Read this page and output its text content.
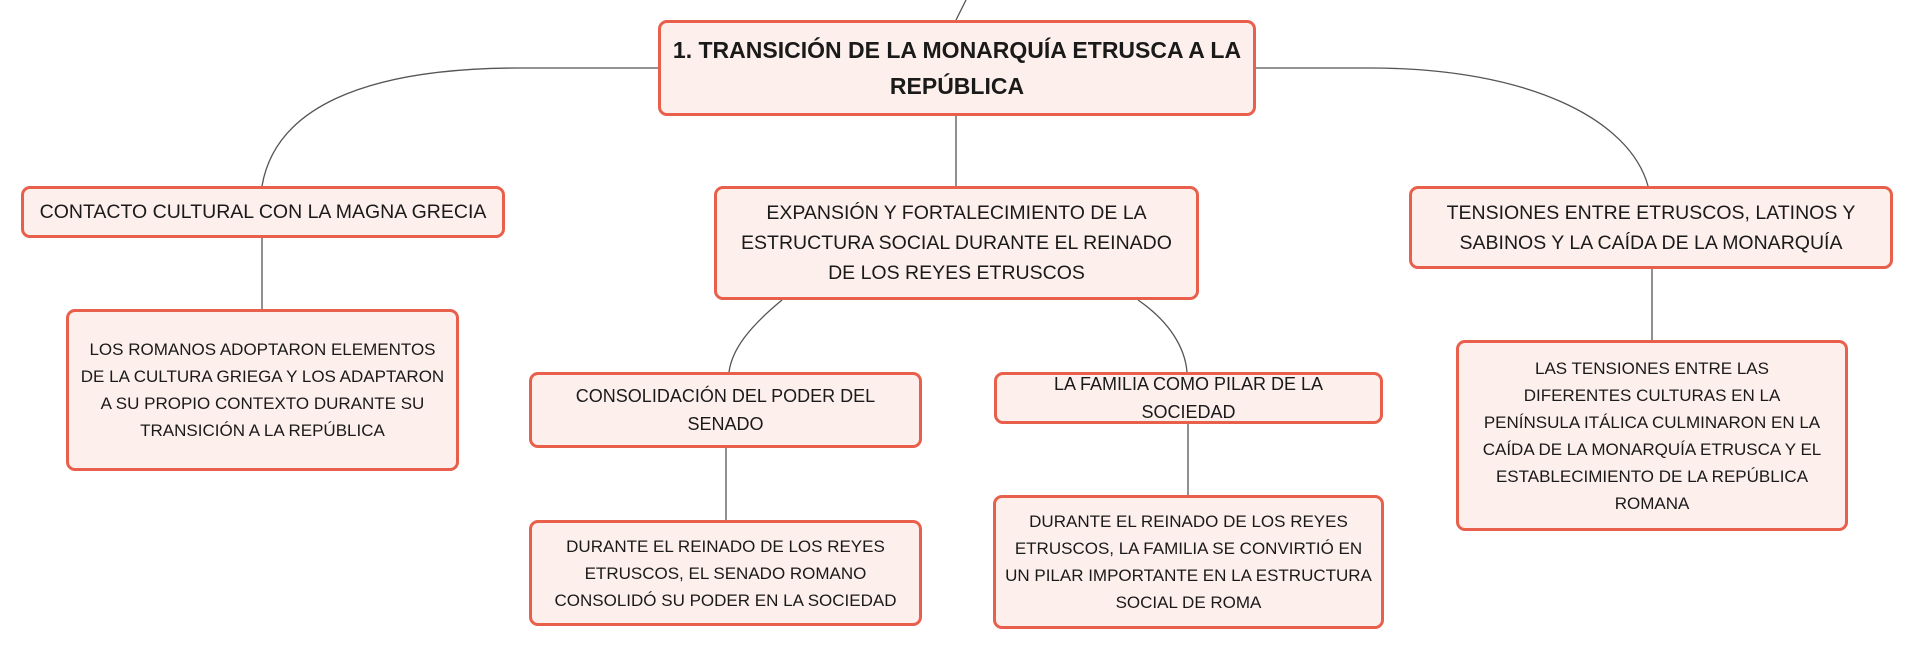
1. TRANSICIÓN DE LA MONARQUÍA ETRUSCA A LA REPÚBLICA
CONTACTO CULTURAL CON LA MAGNA GRECIA	EXPANSIÓN Y FORTALECIMIENTO DE LA ESTRUCTURA SOCIAL DURANTE EL REINADO DE LOS REYES ETRUSCOS
TENSIONES ENTRE ETRUSCOS, LATINOS Y SABINOS Y LA CAÍDA DE LA MONARQUÍA
LOS ROMANOS ADOPTARON ELEMENTOS DE LA CULTURA GRIEGA Y LOS ADAPTARON A SU PROPIO CONTEXTO DURANTE SU TRANSICIÓN A LA REPÚBLICA
CONSOLIDACIÓN DEL PODER DEL SENADO
LA FAMILIA COMO PILAR DE LA SOCIEDAD
DURANTE EL REINADO DE LOS REYES ETRUSCOS, EL SENADO ROMANO CONSOLIDÓ SU PODER EN LA SOCIEDAD
DURANTE EL REINADO DE LOS REYES ETRUSCOS, LA FAMILIA SE CONVIRTIÓ EN UN PILAR IMPORTANTE EN LA ESTRUCTURA SOCIAL DE ROMA
LAS TENSIONES ENTRE LAS DIFERENTES CULTURAS EN LA PENÍNSULA ITÁLICA CULMINARON EN LA CAÍDA DE LA MONARQUÍA ETRUSCA Y EL ESTABLECIMIENTO DE LA REPÚBLICA ROMANA
